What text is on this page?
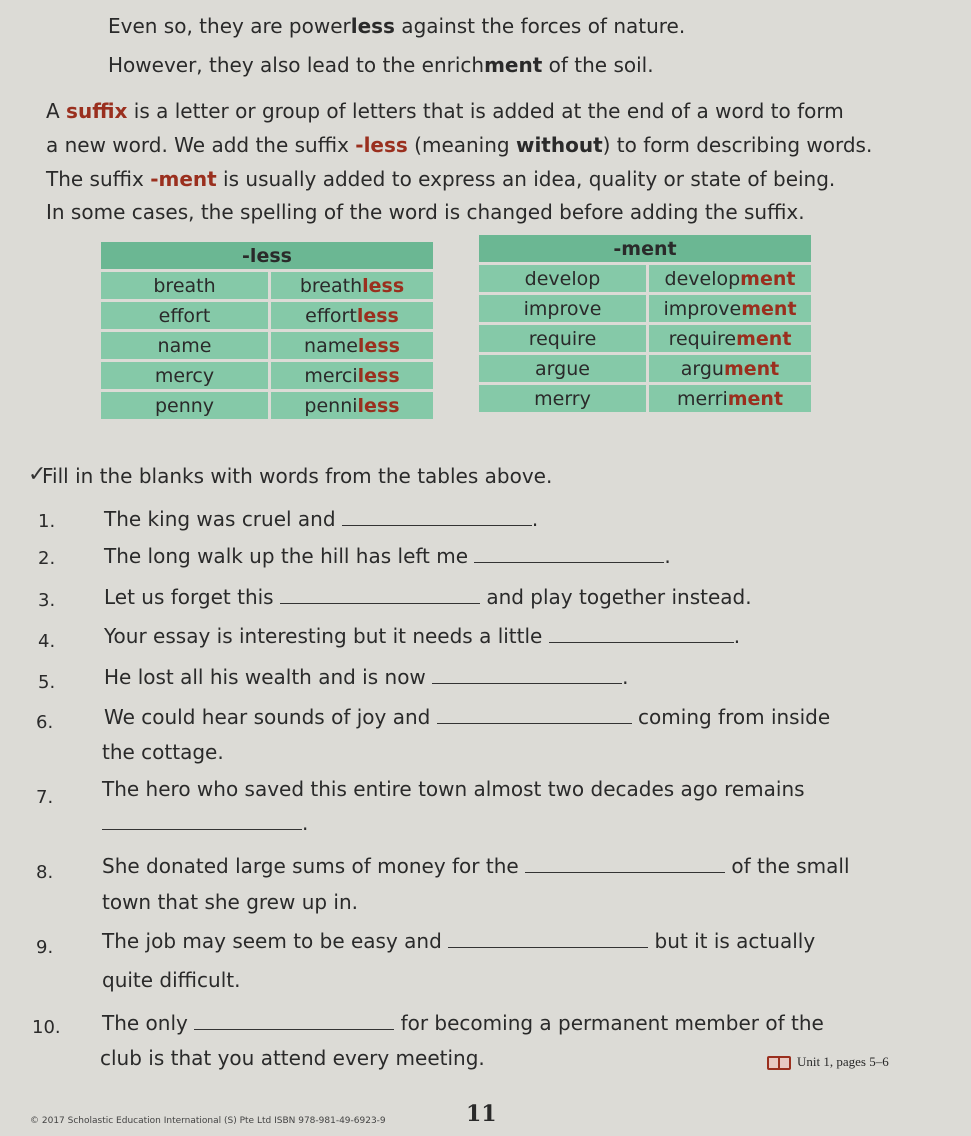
Even so, they are powerless against the forces of nature.
However, they also lead to the enrichment of the soil.
A suffix is a letter or group of letters that is added at the end of a word to form
a new word. We add the suffix -less (meaning without) to form describing words.
The suffix -ment is usually added to express an idea, quality or state of being.
In some cases, the spelling of the word is changed before adding the suffix.
-less	
breath	breathless
effort	effortless
name	nameless
mercy	merciless
penny	penniless
-ment	
develop	development
improve	improvement
require	requirement
argue	argument
merry	merriment
✓
Fill in the blanks with words from the tables above.
1. The king was cruel and	.
2. The long walk up the hill has left me	.
3. Let us forget this	and play together instead.
4. Your essay is interesting but it needs a little	.
5. He lost all his wealth and is now	.
6.	We could hear sounds of joy and	coming from inside
the cottage.
7. The hero who saved this entire town almost two decades ago remains
.
8. She donated large sums of money for the	of the small
town that she grew up in.
9. The job may seem to be easy and	but it is actually
quite difficult.
10. The only	for becoming a permanent member of the
club is that you attend every meeting.	Unit 1, pages 5–6
© 2017 Scholastic Education International (S) Pte Ltd ISBN 978-981-49-6923-9	11
